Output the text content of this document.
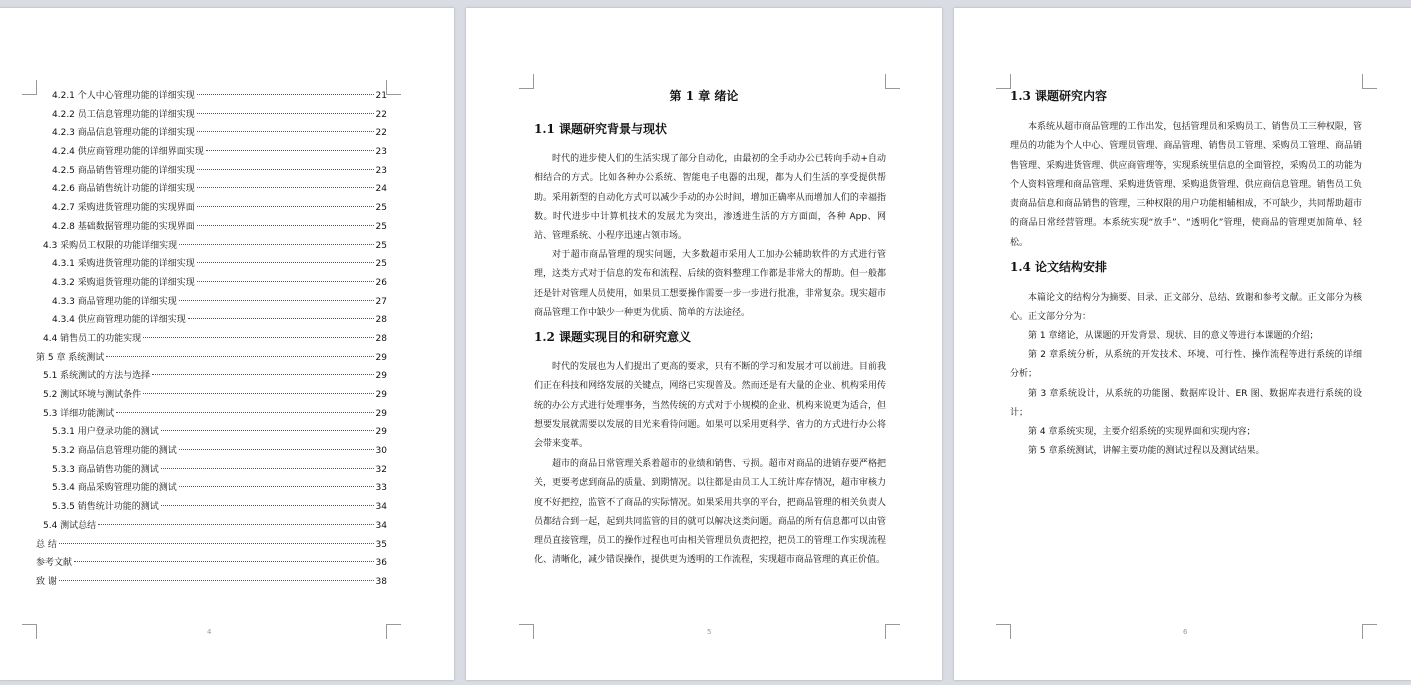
4.2.1 个人中心管理功能的详细实现	21
4.2.2 员工信息管理功能的详细实现	22
4.2.3 商品信息管理功能的详细实现	22
4.2.4 供应商管理功能的详细界面实现	23
4.2.5 商品销售管理功能的详细实现	23
4.2.6 商品销售统计功能的详细实现	24
4.2.7 采购进货管理功能的实现界面	25
4.2.8 基础数据管理功能的实现界面	25
4.3 采购员工权限的功能详细实现	25
4.3.1 采购进货管理功能的详细实现	25
4.3.2 采购退货管理功能的详细实现	26
4.3.3 商品管理功能的详细实现	27
4.3.4 供应商管理功能的详细实现	28
4.4 销售员工的功能实现	28
第 5 章 系统测试	29
5.1 系统测试的方法与选择	29
5.2 测试环境与测试条件	29
5.3 详细功能测试	29
5.3.1 用户登录功能的测试	29
5.3.2 商品信息管理功能的测试	30
5.3.3 商品销售功能的测试	32
5.3.4 商品采购管理功能的测试	33
5.3.5 销售统计功能的测试	34
5.4 测试总结	34
总 结	35
参考文献	36
致 谢	38
4
第 1 章 绪论
1.1 课题研究背景与现状

时代的进步使人们的生活实现了部分自动化，由最初的全手动办公已转向手动+自动相结合的方式。比如各种办公系统、智能电子电器的出现，都为人们生活的享受提供帮助。采用新型的自动化方式可以减少手动的办公时间，增加正确率从而增加人们的幸福指数。时代进步中计算机技术的发展尤为突出，渗透进生活的方方面面，各种 App、网站、管理系统、小程序迅速占领市场。

对于超市商品管理的现实问题，大多数超市采用人工加办公辅助软件的方式进行管理，这类方式对于信息的发布和流程、后续的资料整理工作都是非常大的帮助。但一般都还是针对管理人员使用，如果员工想要操作需要一步一步进行批准，非常复杂。现实超市商品管理工作中缺少一种更为优质、简单的方法途径。

1.2 课题实现目的和研究意义

时代的发展也为人们提出了更高的要求，只有不断的学习和发展才可以前进。目前我们正在科技和网络发展的关键点，网络已实现普及。然而还是有大量的企业、机构采用传统的办公方式进行处理事务，当然传统的方式对于小规模的企业、机构来说更为适合，但想要发展就需要以发展的目光来看待问题。如果可以采用更科学、省力的方式进行办公将会带来变革。

超市的商品日常管理关系着超市的业绩和销售、亏损。超市对商品的进销存要严格把关，更要考虑到商品的质量、到期情况。以往都是由员工人工统计库存情况，超市审核力度不好把控，监管不了商品的实际情况。如果采用共享的平台，把商品管理的相关负责人员都结合到一起，起到共同监管的目的就可以解决这类问题。商品的所有信息都可以由管理员直接管理，员工的操作过程也可由相关管理员负责把控，把员工的管理工作实现流程化、清晰化，减少错误操作，提供更为透明的工作流程，实现超市商品管理的真正价值。

5
1.3 课题研究内容

本系统从超市商品管理的工作出发，包括管理员和采购员工、销售员工三种权限，管理员的功能为个人中心、管理员管理、商品管理、销售员工管理、采购员工管理、商品销售管理、采购进货管理、供应商管理等，实现系统里信息的全面管控，采购员工的功能为个人资料管理和商品管理、采购进货管理、采购退货管理、供应商信息管理。销售员工负责商品信息和商品销售的管理，三种权限的用户功能相辅相成，不可缺少，共同帮助超市的商品日常经营管理。本系统实现“放手”、“透明化”管理，使商品的管理更加简单、轻松。

1.4 论文结构安排

本篇论文的结构分为摘要、目录、正文部分、总结、致谢和参考文献。正文部分为核心。正文部分分为：

第 1 章绪论，从课题的开发背景、现状、目的意义等进行本课题的介绍；

第 2 章系统分析，从系统的开发技术、环境、可行性、操作流程等进行系统的详细分析；

第 3 章系统设计，从系统的功能图、数据库设计、ER 图、数据库表进行系统的设计；

第 4 章系统实现，主要介绍系统的实现界面和实现内容；

第 5 章系统测试，讲解主要功能的测试过程以及测试结果。

6
